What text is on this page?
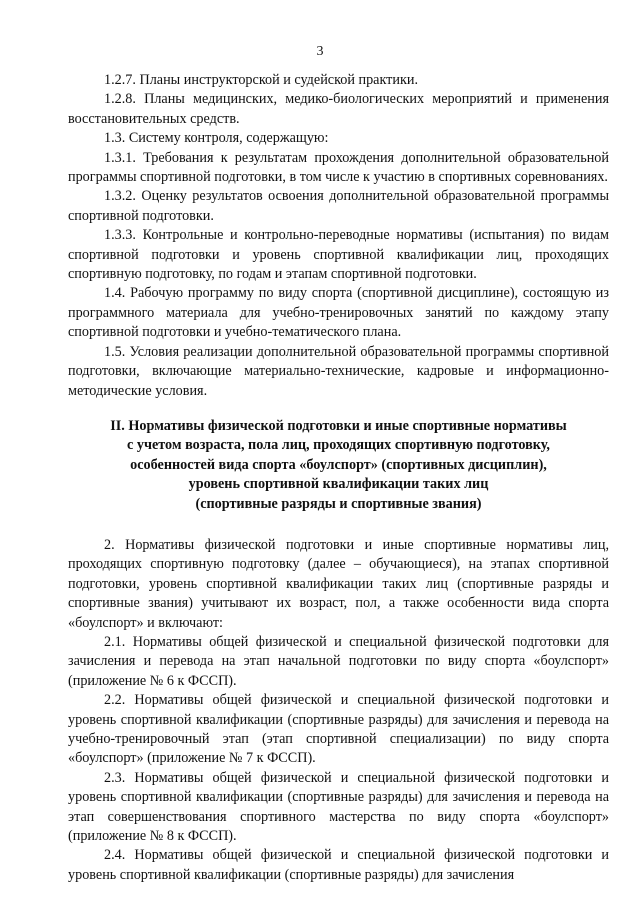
3

1.2.7. Планы инструкторской и судейской практики.

1.2.8. Планы медицинских, медико-биологических мероприятий и применения восстановительных средств.

1.3. Систему контроля, содержащую:

1.3.1. Требования к результатам прохождения дополнительной образовательной программы спортивной подготовки, в том числе к участию в спортивных соревнованиях.

1.3.2. Оценку результатов освоения дополнительной образовательной программы спортивной подготовки.

1.3.3. Контрольные и контрольно-переводные нормативы (испытания) по видам спортивной подготовки и уровень спортивной квалификации лиц, проходящих спортивную подготовку, по годам и этапам спортивной подготовки.

1.4. Рабочую программу по виду спорта (спортивной дисциплине), состоящую из программного материала для учебно-тренировочных занятий по каждому этапу спортивной подготовки и учебно-тематического плана.

1.5. Условия реализации дополнительной образовательной программы спортивной подготовки, включающие материально-технические, кадровые и информационно-методические условия.

II. Нормативы физической подготовки и иные спортивные нормативы
с учетом возраста, пола лиц, проходящих спортивную подготовку,
особенностей вида спорта «боулспорт» (спортивных дисциплин),
уровень спортивной квалификации таких лиц
(спортивные разряды и спортивные звания)

2. Нормативы физической подготовки и иные спортивные нормативы лиц, проходящих спортивную подготовку (далее – обучающиеся), на этапах спортивной подготовки, уровень спортивной квалификации таких лиц (спортивные разряды и спортивные звания) учитывают их возраст, пол, а также особенности вида спорта «боулспорт» и включают:

2.1. Нормативы общей физической и специальной физической подготовки для зачисления и перевода на этап начальной подготовки по виду спорта «боулспорт» (приложение № 6 к ФССП).

2.2. Нормативы общей физической и специальной физической подготовки и уровень спортивной квалификации (спортивные разряды) для зачисления и перевода на учебно-тренировочный этап (этап спортивной специализации) по виду спорта «боулспорт» (приложение № 7 к ФССП).

2.3. Нормативы общей физической и специальной физической подготовки и уровень спортивной квалификации (спортивные разряды) для зачисления и перевода на этап совершенствования спортивного мастерства по виду спорта «боулспорт» (приложение № 8 к ФССП).

2.4. Нормативы общей физической и специальной физической подготовки и уровень спортивной квалификации (спортивные разряды) для зачисления
